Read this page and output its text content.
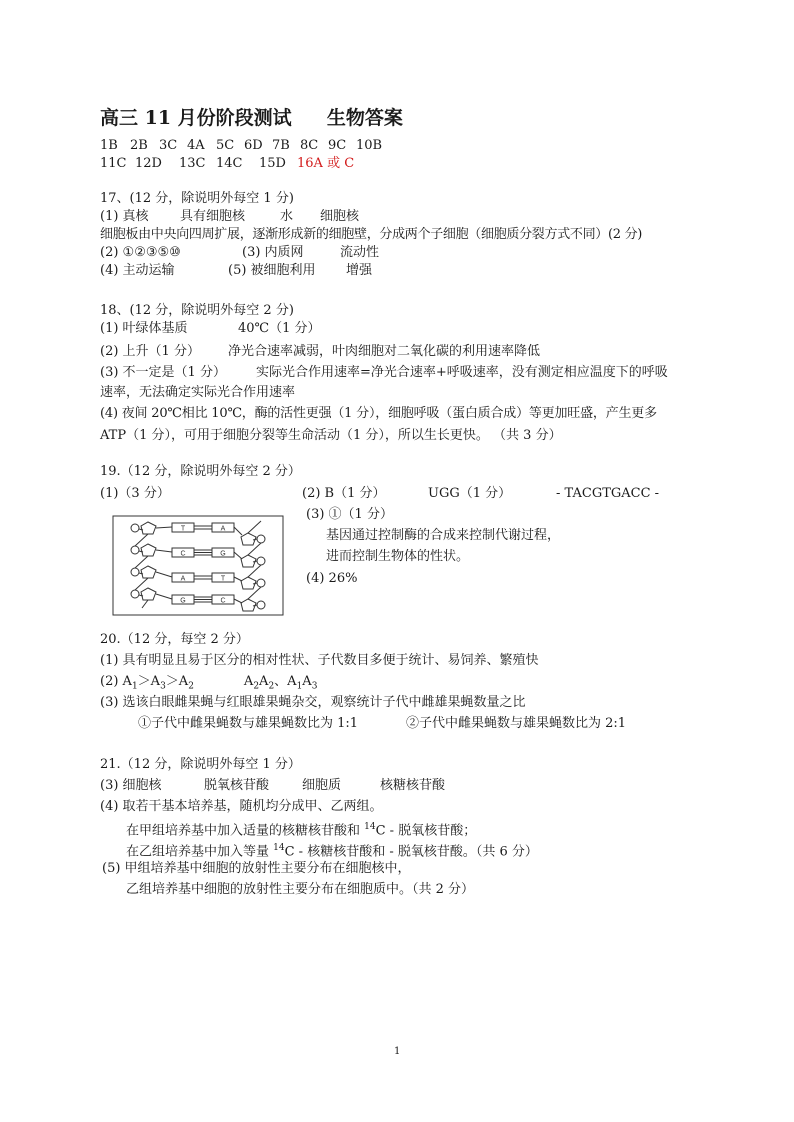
高三 11 月份阶段测试 生物答案
1B 2B 3C 4A 5C 6D 7B 8C 9C 10B
11C 12D 13C 14C 15D 16A 或 C
17、(12 分，除说明外每空 1 分)
(1) 真核 具有细胞核	水 细胞核
细胞板由中央向四周扩展，逐渐形成新的细胞壁，分成两个子细胞（细胞质分裂方式不同）(2 分)
(2) ①②③⑤⑩	(3) 内质网	流动性
(4) 主动运输	(5) 被细胞利用 增强
18、(12 分，除说明外每空 2 分)
(1) 叶绿体基质	40℃（1 分）
(2) 上升（1 分） 净光合速率减弱，叶肉细胞对二氧化碳的利用速率降低
(3) 不一定是（1 分） 实际光合作用速率=净光合速率+呼吸速率，没有测定相应温度下的呼吸
速率，无法确定实际光合作用速率
(4) 夜间 20℃相比 10℃，酶的活性更强（1 分），细胞呼吸（蛋白质合成）等更加旺盛，产生更多
ATP（1 分），可用于细胞分裂等生命活动（1 分），所以生长更快。 （共 3 分）
19.（12 分，除说明外每空 2 分）
(1)（3 分）	(2) B（1 分）	UGG（1 分）	- TACGTGACC -
(3) ①（1 分）
基因通过控制酶的合成来控制代谢过程，
进而控制生物体的性状。
(4) 26%
T	A
C	G
A	T
G	C
20.（12 分，每空 2 分）
(1) 具有明显且易于区分的相对性状、子代数目多便于统计、易饲养、繁殖快
(2) $A_1>A_3>A_2$	$A_2A_2$、$A_1A_3$
(3) 选该白眼雌果蝇与红眼雄果蝇杂交，观察统计子代中雌雄果蝇数量之比
①子代中雌果蝇数与雄果蝇数比为 1:1	②子代中雌果蝇数与雄果蝇数比为 2:1
21.（12 分，除说明外每空 1 分）
(3) 细胞核	脱氧核苷酸	细胞质	核糖核苷酸
(4) 取若干基本培养基，随机均分成甲、乙两组。
在甲组培养基中加入适量的核糖核苷酸和 $^{14}$C - 脱氧核苷酸；
在乙组培养基中加入等量 $^{14}$C - 核糖核苷酸和 - 脱氧核苷酸。（共 6 分）
(5) 甲组培养基中细胞的放射性主要分布在细胞核中，
乙组培养基中细胞的放射性主要分布在细胞质中。（共 2 分）
1
